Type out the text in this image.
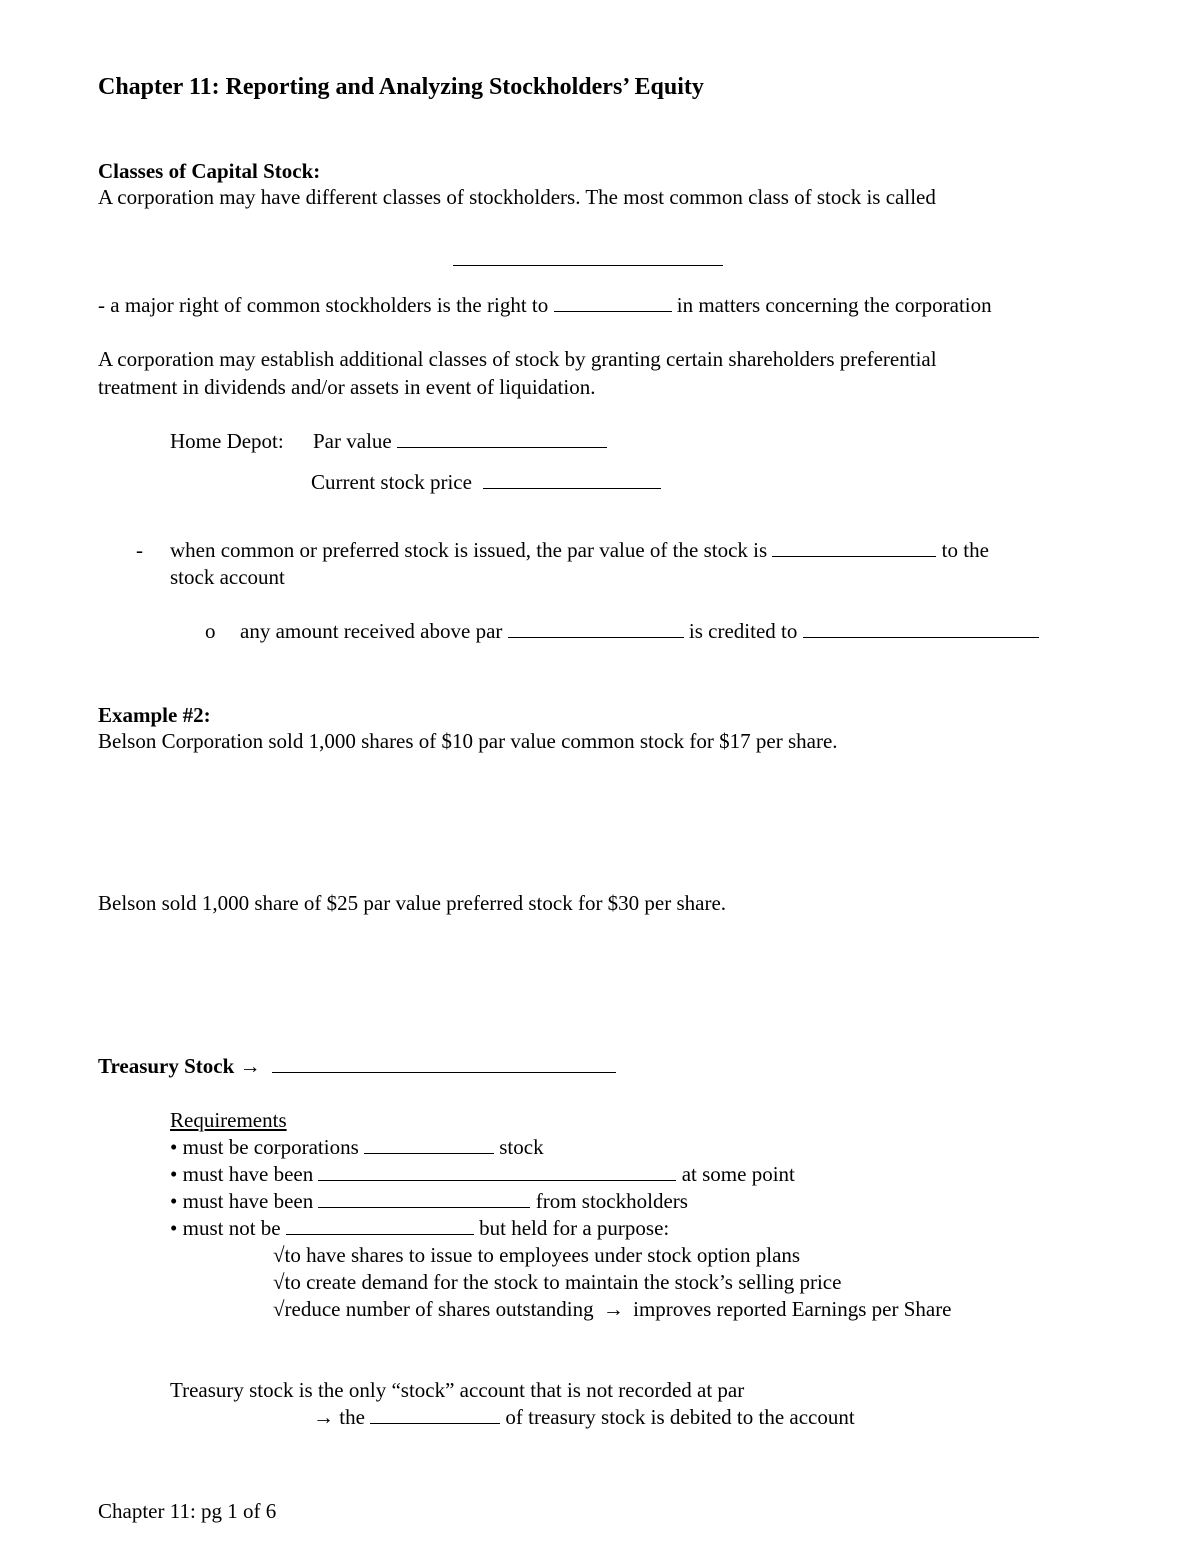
Chapter 11: Reporting and Analyzing Stockholders’ Equity
Classes of Capital Stock:
A corporation may have different classes of stockholders. The most common class of stock is called
- a major right of common stockholders is the right to	in matters concerning the corporation
A corporation may establish additional classes of stock by granting certain shareholders preferential
treatment in dividends and/or assets in event of liquidation.
Home Depot: Par value
Current stock price
- when common or preferred stock is issued, the par value of the stock is	to the
stock account
o any amount received above par	is credited to
Example #2:
Belson Corporation sold 1,000 shares of $10 par value common stock for $17 per share.
Belson sold 1,000 share of $25 par value preferred stock for $30 per share.
Treasury Stock →
Requirements
• must be corporations	stock
• must have been	at some point
• must have been	from stockholders
• must not be	but held for a purpose:
√to have shares to issue to employees under stock option plans
√to create demand for the stock to maintain the stock’s selling price
√reduce number of shares outstanding → improves reported Earnings per Share
Treasury stock is the only “stock” account that is not recorded at par
→ the	of treasury stock is debited to the account
Chapter 11: pg 1 of 6
